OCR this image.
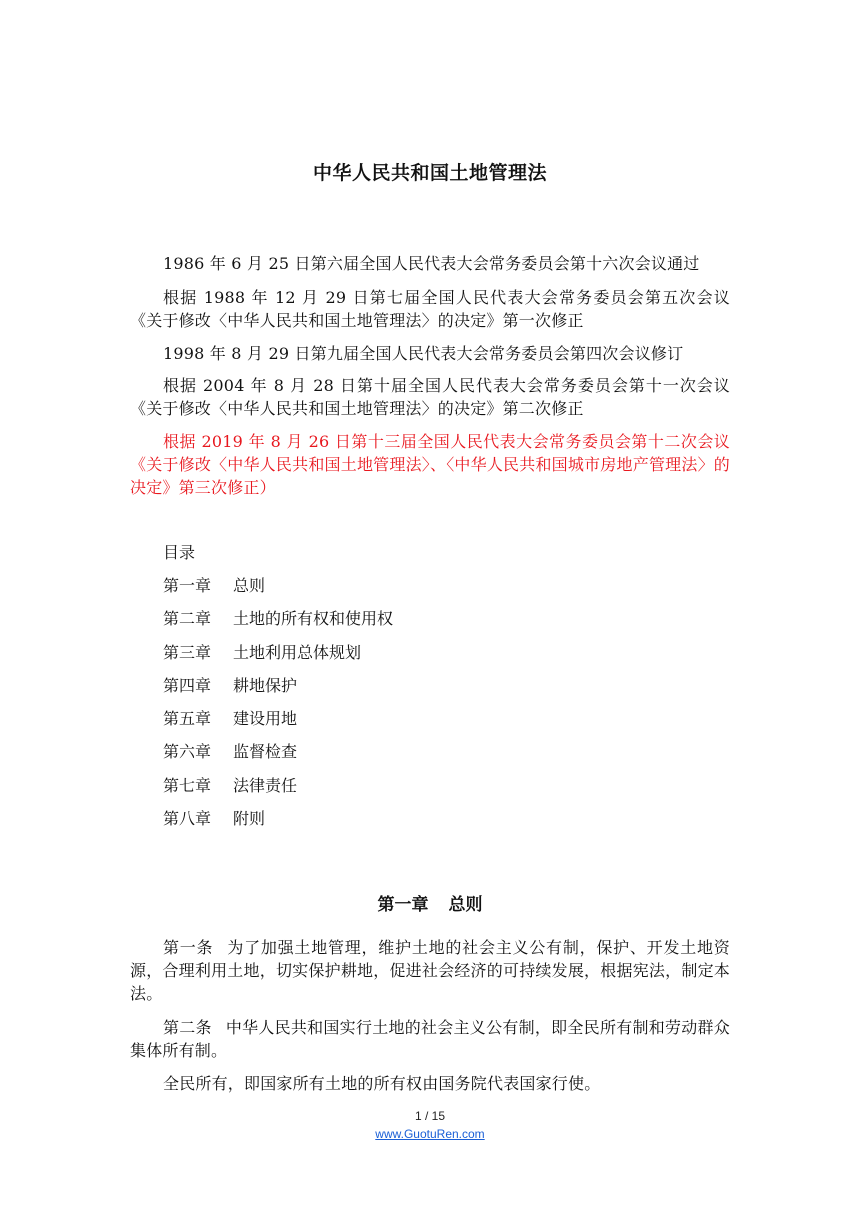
中华人民共和国土地管理法
1986 年 6 月 25 日第六届全国人民代表大会常务委员会第十六次会议通过
根据 1988 年 12 月 29 日第七届全国人民代表大会常务委员会第五次会议《关于修改〈中华人民共和国土地管理法〉的决定》第一次修正
1998 年 8 月 29 日第九届全国人民代表大会常务委员会第四次会议修订
根据 2004 年 8 月 28 日第十届全国人民代表大会常务委员会第十一次会议《关于修改〈中华人民共和国土地管理法〉的决定》第二次修正
根据 2019 年 8 月 26 日第十三届全国人民代表大会常务委员会第十二次会议《关于修改〈中华人民共和国土地管理法〉、〈中华人民共和国城市房地产管理法〉的决定》第三次修正）
目录
第一章 总则
第二章 土地的所有权和使用权
第三章 土地利用总体规划
第四章 耕地保护
第五章 建设用地
第六章 监督检查
第七章 法律责任
第八章 附则
第一章 总则
第一条 为了加强土地管理，维护土地的社会主义公有制，保护、开发土地资源，合理利用土地，切实保护耕地，促进社会经济的可持续发展，根据宪法，制定本法。
第二条 中华人民共和国实行土地的社会主义公有制，即全民所有制和劳动群众集体所有制。
全民所有，即国家所有土地的所有权由国务院代表国家行使。
1 / 15
www.GuotuRen.com
